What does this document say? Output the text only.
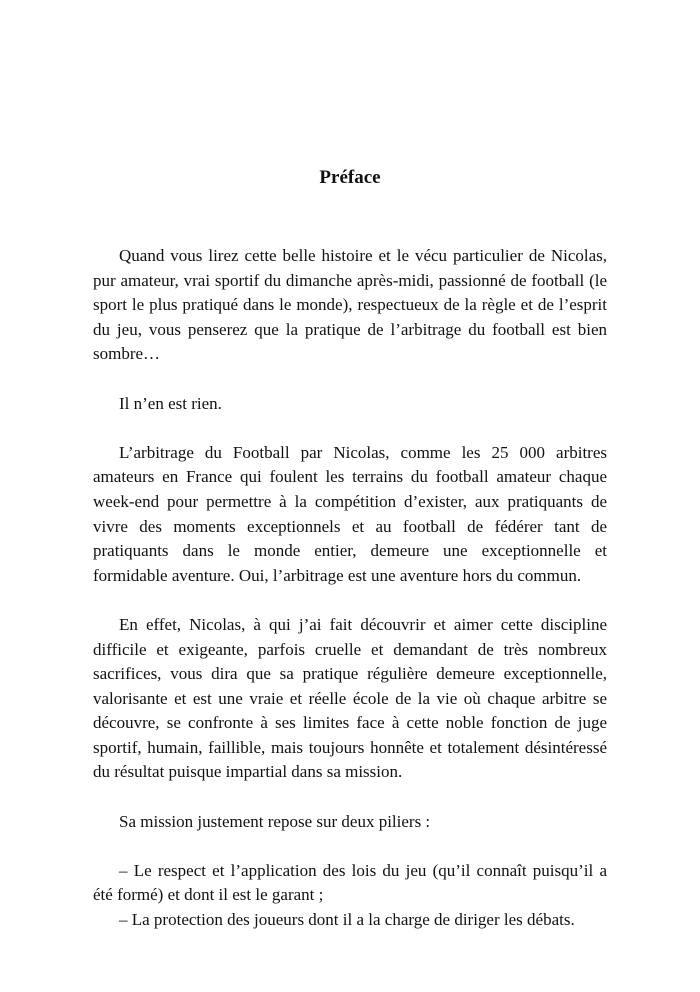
Préface

Quand vous lirez cette belle histoire et le vécu particulier de Nicolas, pur amateur, vrai sportif du dimanche après-midi, passionné de football (le sport le plus pratiqué dans le monde), respectueux de la règle et de l’esprit du jeu, vous penserez que la pratique de l’arbitrage du football est bien sombre…

Il n’en est rien.

L’arbitrage du Football par Nicolas, comme les 25 000 arbitres amateurs en France qui foulent les terrains du football amateur chaque week-end pour permettre à la compétition d’exister, aux pratiquants de vivre des moments exceptionnels et au football de fédérer tant de pratiquants dans le monde entier, demeure une exceptionnelle et formidable aventure. Oui, l’arbitrage est une aventure hors du commun.

En effet, Nicolas, à qui j’ai fait découvrir et aimer cette discipline difficile et exigeante, parfois cruelle et demandant de très nombreux sacrifices, vous dira que sa pratique régulière demeure exceptionnelle, valorisante et est une vraie et réelle école de la vie où chaque arbitre se découvre, se confronte à ses limites face à cette noble fonction de juge sportif, humain, faillible, mais toujours honnête et totalement désintéressé du résultat puisque impartial dans sa mission.

Sa mission justement repose sur deux piliers :

– Le respect et l’application des lois du jeu (qu’il connaît puisqu’il a été formé) et dont il est le garant ;

– La protection des joueurs dont il a la charge de diriger les débats.
